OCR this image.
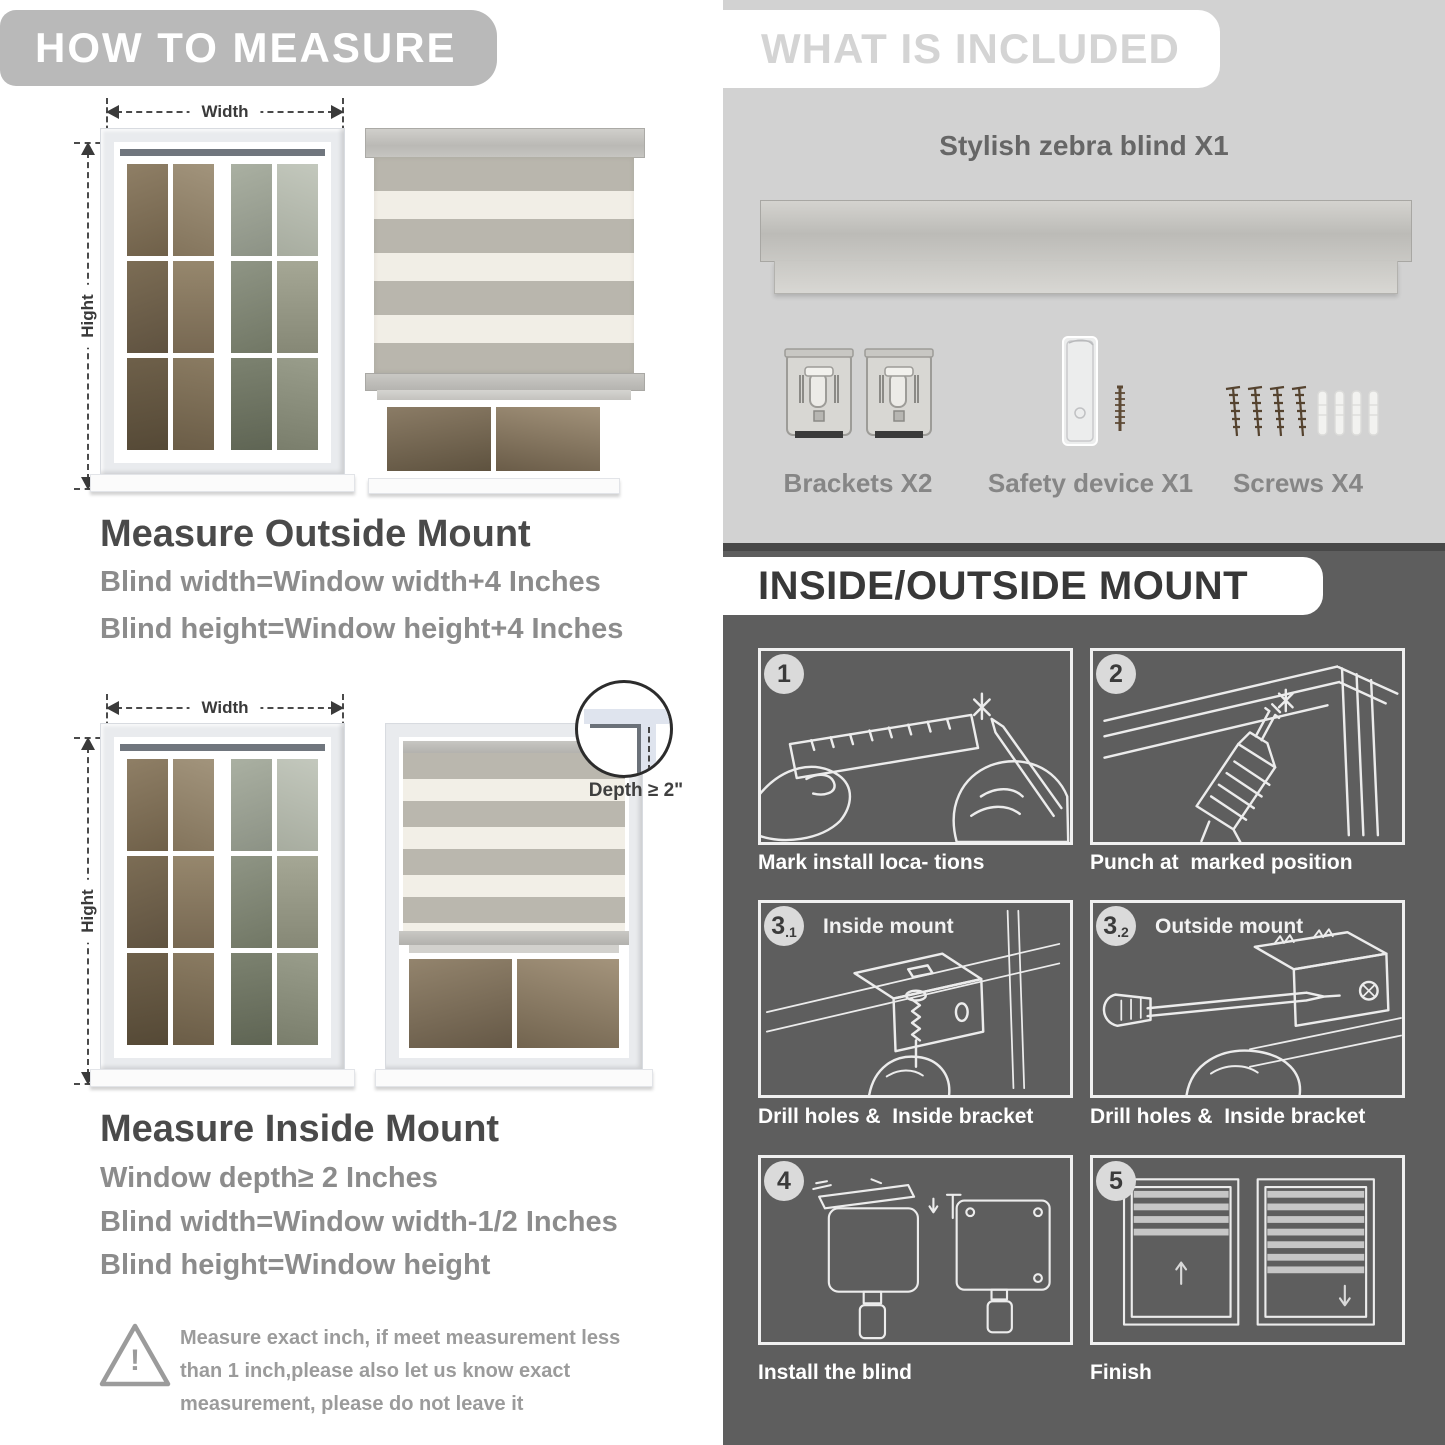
HOW TO MEASURE
Width
Hight
Measure Outside Mount
Blind width=Window width+4 Inches
Blind height=Window height+4 Inches
Width
Hight
Depth ≥ 2"
Measure Inside Mount
Window depth≥ 2 Inches
Blind width=Window width-1/2 Inches
Blind height=Window height
!
Measure exact inch, if meet measurement less
than 1 inch,please also let us know exact
measurement, please do not leave it
WHAT IS INCLUDED
Stylish zebra blind X1
Brackets X2	Safety device X1	Screws X4
INSIDE/OUTSIDE MOUNT
1
Mark install loca- tions
2
Punch at  marked position
3 .1 Inside mount
Drill holes &  Inside bracket
3 .2 Outside mount
Drill holes &  Inside bracket
4
Install the blind
5
Finish
